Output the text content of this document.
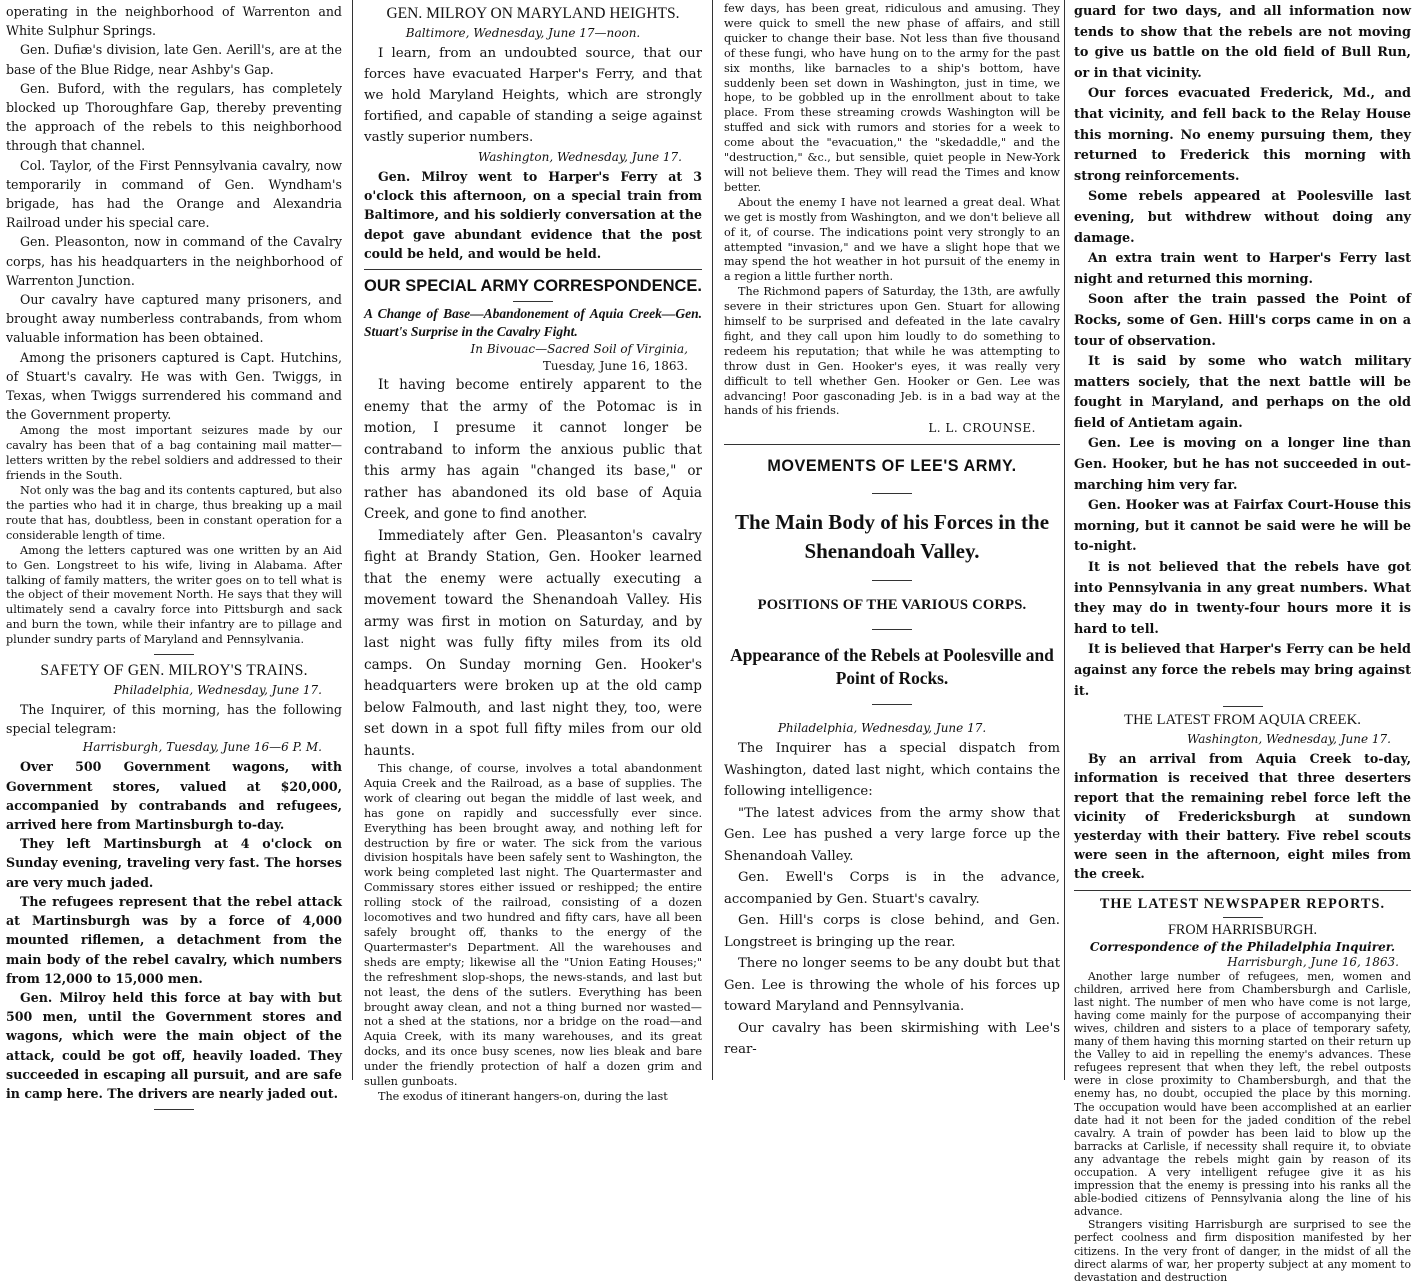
operating in the neighborhood of Warrenton and White Sulphur Springs.

Gen. Dufiæ's division, late Gen. Aerill's, are at the base of the Blue Ridge, near Ashby's Gap.

Gen. Buford, with the regulars, has completely blocked up Thoroughfare Gap, thereby preventing the approach of the rebels to this neighborhood through that channel.

Col. Taylor, of the First Pennsylvania cavalry, now temporarily in command of Gen. Wyndham's brigade, has had the Orange and Alexandria Railroad under his special care.

Gen. Pleasonton, now in command of the Cavalry corps, has his headquarters in the neighborhood of Warrenton Junction.

Our cavalry have captured many prisoners, and brought away numberless contrabands, from whom valuable information has been obtained.

Among the prisoners captured is Capt. Hutchins, of Stuart's cavalry. He was with Gen. Twiggs, in Texas, when Twiggs surrendered his command and the Government property.

Among the most important seizures made by our cavalry has been that of a bag containing mail matter—letters written by the rebel soldiers and addressed to their friends in the South.

Not only was the bag and its contents captured, but also the parties who had it in charge, thus breaking up a mail route that has, doubtless, been in constant operation for a considerable length of time.

Among the letters captured was one written by an Aid to Gen. Longstreet to his wife, living in Alabama. After talking of family matters, the writer goes on to tell what is the object of their movement North. He says that they will ultimately send a cavalry force into Pittsburgh and sack and burn the town, while their infantry are to pillage and plunder sundry parts of Maryland and Pennsylvania.

SAFETY OF GEN. MILROY'S TRAINS.

Philadelphia, Wednesday, June 17.

The Inquirer, of this morning, has the following special telegram:

Harrisburgh, Tuesday, June 16—6 P. M.

Over 500 Government wagons, with Government stores, valued at $20,000, accompanied by contrabands and refugees, arrived here from Martinsburgh to-day.

They left Martinsburgh at 4 o'clock on Sunday evening, traveling very fast. The horses are very much jaded.

The refugees represent that the rebel attack at Martinsburgh was by a force of 4,000 mounted riflemen, a detachment from the main body of the rebel cavalry, which numbers from 12,000 to 15,000 men.

Gen. Milroy held this force at bay with but 500 men, until the Government stores and wagons, which were the main object of the attack, could be got off, heavily loaded. They succeeded in escaping all pursuit, and are safe in camp here. The drivers are nearly jaded out.

GEN. MILROY ON MARYLAND HEIGHTS.

Baltimore, Wednesday, June 17—noon.

I learn, from an undoubted source, that our forces have evacuated Harper's Ferry, and that we hold Maryland Heights, which are strongly fortified, and capable of standing a seige against vastly superior numbers.

Washington, Wednesday, June 17.

Gen. Milroy went to Harper's Ferry at 3 o'clock this afternoon, on a special train from Baltimore, and his soldierly conversation at the depot gave abundant evidence that the post could be held, and would be held.

OUR SPECIAL ARMY CORRESPONDENCE.

A Change of Base—Abandonement of Aquia Creek—Gen. Stuart's Surprise in the Cavalry Fight.

In Bivouac—Sacred Soil of Virginia,

Tuesday, June 16, 1863.

It having become entirely apparent to the enemy that the army of the Potomac is in motion, I presume it cannot longer be contraband to inform the anxious public that this army has again "changed its base," or rather has abandoned its old base of Aquia Creek, and gone to find another.

Immediately after Gen. Pleasanton's cavalry fight at Brandy Station, Gen. Hooker learned that the enemy were actually executing a movement toward the Shenandoah Valley. His army was first in motion on Saturday, and by last night was fully fifty miles from its old camps. On Sunday morning Gen. Hooker's headquarters were broken up at the old camp below Falmouth, and last night they, too, were set down in a spot full fifty miles from our old haunts.

This change, of course, involves a total abandonment Aquia Creek and the Railroad, as a base of supplies. The work of clearing out began the middle of last week, and has gone on rapidly and successfully ever since. Everything has been brought away, and nothing left for destruction by fire or water. The sick from the various division hospitals have been safely sent to Washington, the work being completed last night. The Quartermaster and Commissary stores either issued or reshipped; the entire rolling stock of the railroad, consisting of a dozen locomotives and two hundred and fifty cars, have all been safely brought off, thanks to the energy of the Quartermaster's Department. All the warehouses and sheds are empty; likewise all the "Union Eating Houses;" the refreshment slop-shops, the news-stands, and last but not least, the dens of the sutlers. Everything has been brought away clean, and not a thing burned nor wasted—not a shed at the stations, nor a bridge on the road—and Aquia Creek, with its many warehouses, and its great docks, and its once busy scenes, now lies bleak and bare under the friendly protection of half a dozen grim and sullen gunboats.

The exodus of itinerant hangers-on, during the last

few days, has been great, ridiculous and amusing. They were quick to smell the new phase of affairs, and still quicker to change their base. Not less than five thousand of these fungi, who have hung on to the army for the past six months, like barnacles to a ship's bottom, have suddenly been set down in Washington, just in time, we hope, to be gobbled up in the enrollment about to take place. From these streaming crowds Washington will be stuffed and sick with rumors and stories for a week to come about the "evacuation," the "skedaddle," and the "destruction," &c., but sensible, quiet people in New-York will not believe them. They will read the Times and know better.

About the enemy I have not learned a great deal. What we get is mostly from Washington, and we don't believe all of it, of course. The indications point very strongly to an attempted "invasion," and we have a slight hope that we may spend the hot weather in hot pursuit of the enemy in a region a little further north.

The Richmond papers of Saturday, the 13th, are awfully severe in their strictures upon Gen. Stuart for allowing himself to be surprised and defeated in the late cavalry fight, and they call upon him loudly to do something to redeem his reputation; that while he was attempting to throw dust in Gen. Hooker's eyes, it was really very difficult to tell whether Gen. Hooker or Gen. Lee was advancing! Poor gasconading Jeb. is in a bad way at the hands of his friends.

L. L. CROUNSE.

MOVEMENTS OF LEE'S ARMY.

The Main Body of his Forces in the Shenandoah Valley.

POSITIONS OF THE VARIOUS CORPS.

Appearance of the Rebels at Poolesville and Point of Rocks.

Philadelphia, Wednesday, June 17.

The Inquirer has a special dispatch from Washington, dated last night, which contains the following intelligence:

"The latest advices from the army show that Gen. Lee has pushed a very large force up the Shenandoah Valley.

Gen. Ewell's Corps is in the advance, accompanied by Gen. Stuart's cavalry.

Gen. Hill's corps is close behind, and Gen. Longstreet is bringing up the rear.

There no longer seems to be any doubt but that Gen. Lee is throwing the whole of his forces up toward Maryland and Pennsylvania.

Our cavalry has been skirmishing with Lee's rear-

guard for two days, and all information now tends to show that the rebels are not moving to give us battle on the old field of Bull Run, or in that vicinity.

Our forces evacuated Frederick, Md., and that vicinity, and fell back to the Relay House this morning. No enemy pursuing them, they returned to Frederick this morning with strong reinforcements.

Some rebels appeared at Poolesville last evening, but withdrew without doing any damage.

An extra train went to Harper's Ferry last night and returned this morning.

Soon after the train passed the Point of Rocks, some of Gen. Hill's corps came in on a tour of observation.

It is said by some who watch military matters sociely, that the next battle will be fought in Maryland, and perhaps on the old field of Antietam again.

Gen. Lee is moving on a longer line than Gen. Hooker, but he has not succeeded in out-marching him very far.

Gen. Hooker was at Fairfax Court-House this morning, but it cannot be said were he will be to-night.

It is not believed that the rebels have got into Pennsylvania in any great numbers. What they may do in twenty-four hours more it is hard to tell.

It is believed that Harper's Ferry can be held against any force the rebels may bring against it.

THE LATEST FROM AQUIA CREEK.

Washington, Wednesday, June 17.

By an arrival from Aquia Creek to-day, information is received that three deserters report that the remaining rebel force left the vicinity of Fredericksburgh at sundown yesterday with their battery. Five rebel scouts were seen in the afternoon, eight miles from the creek.

THE LATEST NEWSPAPER REPORTS.

FROM HARRISBURGH.

Correspondence of the Philadelphia Inquirer.

Harrisburgh, June 16, 1863.

Another large number of refugees, men, women and children, arrived here from Chambersburgh and Carlisle, last night. The number of men who have come is not large, having come mainly for the purpose of accompanying their wives, children and sisters to a place of temporary safety, many of them having this morning started on their return up the Valley to aid in repelling the enemy's advances. These refugees represent that when they left, the rebel outposts were in close proximity to Chambersburgh, and that the enemy has, no doubt, occupied the place by this morning. The occupation would have been accomplished at an earlier date had it not been for the jaded condition of the rebel cavalry. A train of powder has been laid to blow up the barracks at Carlisle, if necessity shall require it, to obviate any advantage the rebels might gain by reason of its occupation. A very intelligent refugee give it as his impression that the enemy is pressing into his ranks all the able-bodied citizens of Pennsylvania along the line of his advance.

Strangers visiting Harrisburgh are surprised to see the perfect coolness and firm disposition manifested by her citizens. In the very front of danger, in the midst of all the direct alarms of war, her property subject at any moment to devastation and destruction
